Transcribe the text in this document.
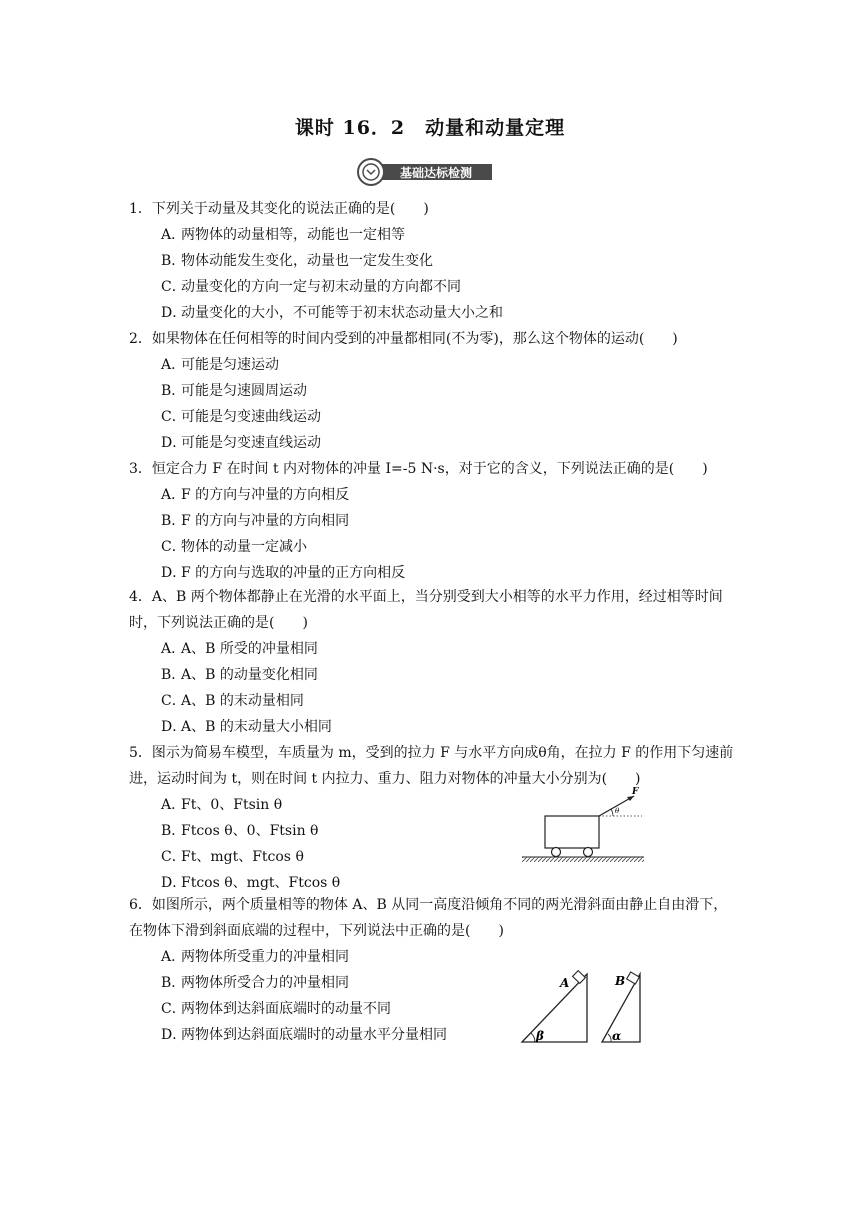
课时 16．2　动量和动量定理
基础达标检测
1．下列关于动量及其变化的说法正确的是(　　)
A．两物体的动量相等，动能也一定相等
B．物体动能发生变化，动量也一定发生变化
C．动量变化的方向一定与初末动量的方向都不同
D．动量变化的大小，不可能等于初末状态动量大小之和
2．如果物体在任何相等的时间内受到的冲量都相同(不为零)，那么这个物体的运动(　　)
A．可能是匀速运动
B．可能是匀速圆周运动
C．可能是匀变速曲线运动
D．可能是匀变速直线运动
3．恒定合力 F 在时间 t 内对物体的冲量 I=-5 N·s，对于它的含义，下列说法正确的是(　　)
A．F 的方向与冲量的方向相反
B．F 的方向与冲量的方向相同
C．物体的动量一定减小
D．F 的方向与选取的冲量的正方向相反
4．A、B 两个物体都静止在光滑的水平面上，当分别受到大小相等的水平力作用，经过相等时间时，下列说法正确的是(　　)
A．A、B 所受的冲量相同
B．A、B 的动量变化相同
C．A、B 的末动量相同
D．A、B 的末动量大小相同
5．图示为简易车模型，车质量为 m，受到的拉力 F 与水平方向成θ角，在拉力 F 的作用下匀速前进，运动时间为 t，则在时间 t 内拉力、重力、阻力对物体的冲量大小分别为(　　)
A．Ft、0、Ftsin θ
B．Ftcos θ、0、Ftsin θ
C．Ft、mgt、Ftcos θ
D．Ftcos θ、mgt、Ftcos θ
6．如图所示，两个质量相等的物体 A、B 从同一高度沿倾角不同的两光滑斜面由静止自由滑下，在物体下滑到斜面底端的过程中，下列说法中正确的是(　　)
A．两物体所受重力的冲量相同
B．两物体所受合力的冲量相同
C．两物体到达斜面底端时的动量不同
D．两物体到达斜面底端时的动量水平分量相同
F
θ
β
A
α
B
